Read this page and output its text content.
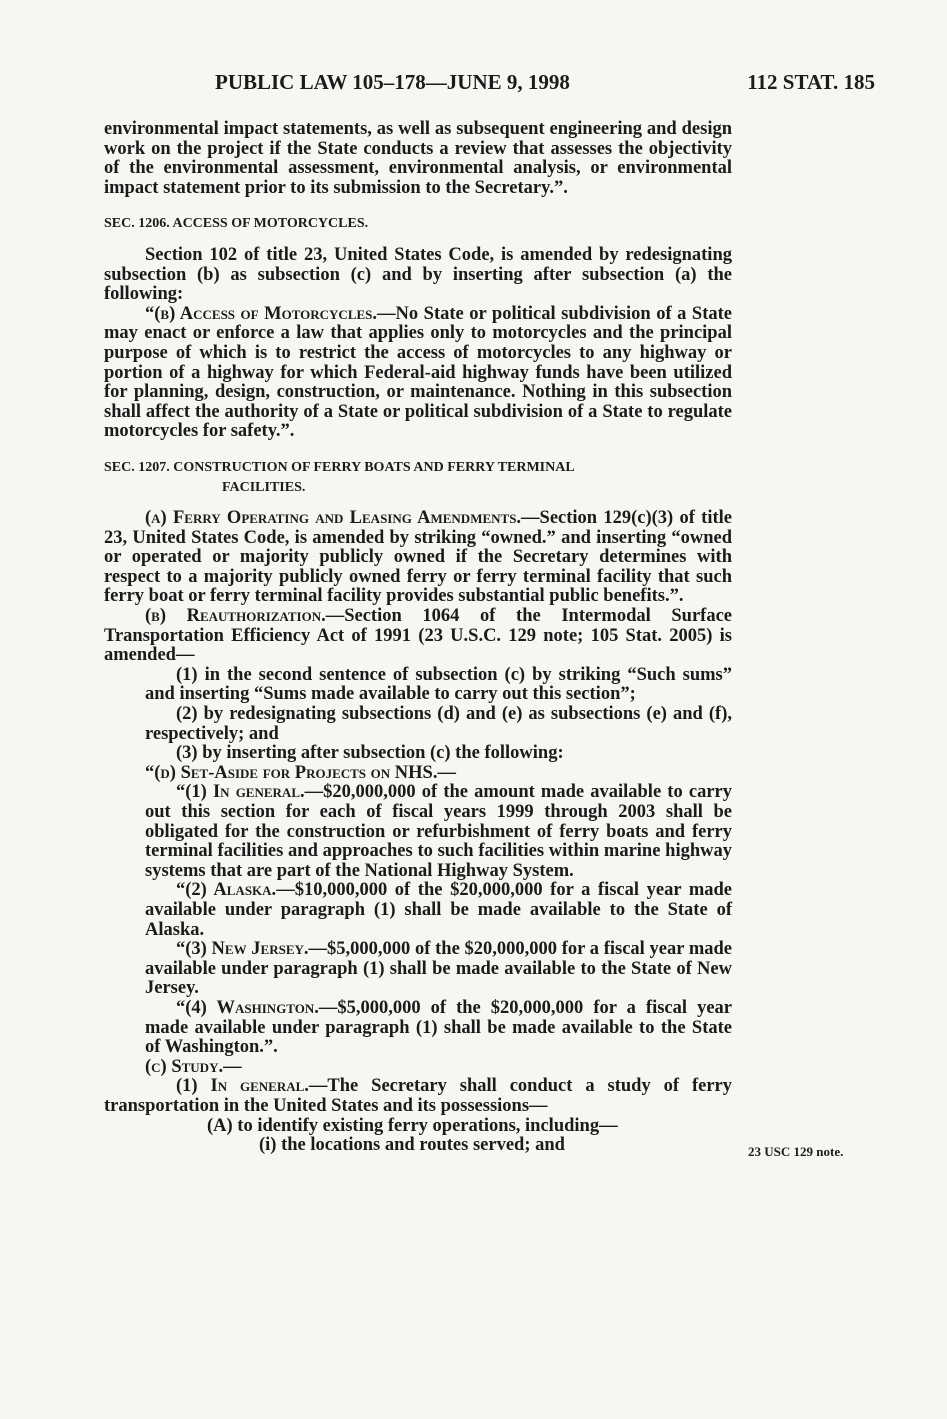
PUBLIC LAW 105–178—JUNE 9, 1998	112 STAT. 185

environmental impact statements, as well as subsequent engineering and design work on the project if the State conducts a review that assesses the objectivity of the environmental assessment, environmental analysis, or environmental impact statement prior to its submission to the Secretary.”.

SEC. 1206. ACCESS OF MOTORCYCLES.

Section 102 of title 23, United States Code, is amended by redesignating subsection (b) as subsection (c) and by inserting after subsection (a) the following:

“(b) Access of Motorcycles.—No State or political subdivision of a State may enact or enforce a law that applies only to motorcycles and the principal purpose of which is to restrict the access of motorcycles to any highway or portion of a highway for which Federal-aid highway funds have been utilized for planning, design, construction, or maintenance. Nothing in this subsection shall affect the authority of a State or political subdivision of a State to regulate motorcycles for safety.”.

SEC. 1207. CONSTRUCTION OF FERRY BOATS AND FERRY TERMINAL
FACILITIES.

(a) Ferry Operating and Leasing Amendments.—Section 129(c)(3) of title 23, United States Code, is amended by striking “owned.” and inserting “owned or operated or majority publicly owned if the Secretary determines with respect to a majority publicly owned ferry or ferry terminal facility that such ferry boat or ferry terminal facility provides substantial public benefits.”.

(b) Reauthorization.—Section 1064 of the Intermodal Surface Transportation Efficiency Act of 1991 (23 U.S.C. 129 note; 105 Stat. 2005) is amended—

(1) in the second sentence of subsection (c) by striking “Such sums” and inserting “Sums made available to carry out this section”;

(2) by redesignating subsections (d) and (e) as subsections (e) and (f), respectively; and

(3) by inserting after subsection (c) the following:

“(d) Set-Aside for Projects on NHS.—

“(1) In general.—$20,000,000 of the amount made available to carry out this section for each of fiscal years 1999 through 2003 shall be obligated for the construction or refurbishment of ferry boats and ferry terminal facilities and approaches to such facilities within marine highway systems that are part of the National Highway System.

“(2) Alaska.—$10,000,000 of the $20,000,000 for a fiscal year made available under paragraph (1) shall be made available to the State of Alaska.

“(3) New Jersey.—$5,000,000 of the $20,000,000 for a fiscal year made available under paragraph (1) shall be made available to the State of New Jersey.

“(4) Washington.—$5,000,000 of the $20,000,000 for a fiscal year made available under paragraph (1) shall be made available to the State of Washington.”.

(c) Study.—

(1) In general.—The Secretary shall conduct a study of ferry transportation in the United States and its possessions—

(A) to identify existing ferry operations, including—

(i) the locations and routes served; and	23 USC 129 note.
